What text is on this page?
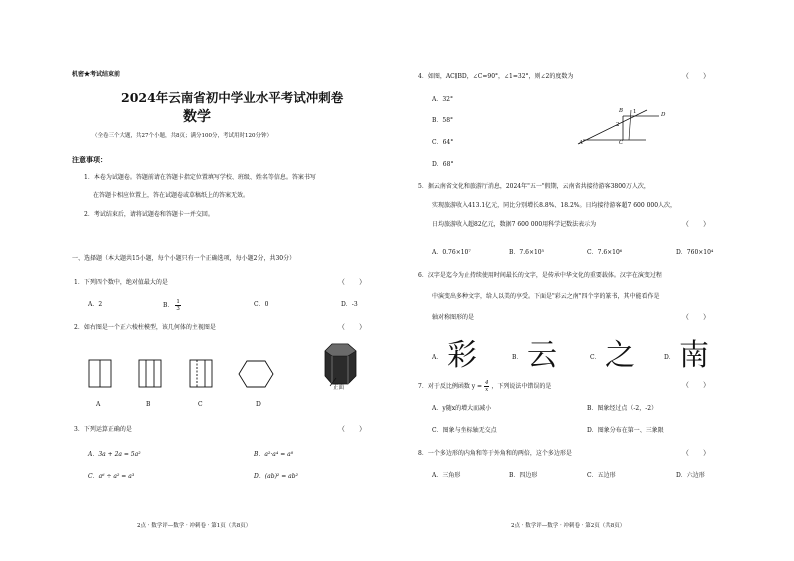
机密★考试结束前
2024年云南省初中学业水平考试冲刺卷
数学
（全卷三个大题，共27个小题，共8页；满分100分，考试用时120分钟）
注意事项：
1．本卷为试题卷。答题前请在答题卡指定位置填写学校、班级、姓名等信息。答案书写
在答题卡相应位置上，答在试题卷或草稿纸上的答案无效。
2．考试结束后，请将试题卷和答题卡一并交回。
一、选择题（本大题共15小题，每个小题只有一个正确选项，每小题2分，共30分）
1．下列四个数中，绝对值最大的是	（　　）
A．2	B． $\frac{1}{3}$	C．0	D．-3
2．如右图是一个正六棱柱模型，该几何体的主视图是	（　　）
A	B	C	D
正面
3．下列运算正确的是	（　　）
A．3a + 2a = 5a²	B．a²·a⁴ = a⁸
C．a⁶ ÷ a² = a³	D．(ab)² = ab²
2点 · 数学评—数学 · 冲刺卷 · 第1页（共8页）
4．如图，AC∥BD，∠C=90°，∠1=32°，则∠2的度数为	（　　）
A．32°
B．58°
C．64°
D．68°
A
B
C
D
1
2
5．据云南省文化和旅游厅消息，2024年"五一"假期，云南省共接待游客3800万人次，
实现旅游收入413.1亿元，同比分别增长8.8%、18.2%。日均接待游客超7 600 000人次，
日均旅游收入超82亿元，数据7 600 000用科学记数法表示为	（　　）
A．0.76×10⁷	B．7.6×10⁵	C．7.6×10⁶	D．760×10⁴
6．汉字是迄今为止持续使用时间最长的文字，是传承中华文化的重要载体。汉字在演变过程
中演变出多种文字，给人以美的享受。下面是"彩云之南"四个字的篆书，其中能看作是
轴对称图形的是	（　　）
A． 彩	B． 云	C． 之	D． 南
7．对于反比例函数 $y = \frac{4}{x}$ ，下列说法中错误的是	（　　）
A．y随x的增大而减小	B．图象经过点（-2，-2）
C．图象与坐标轴无交点	D．图象分布在第一、三象限
8．一个多边形的内角和等于外角和的两倍，这个多边形是	（　　）
A．三角形	B．四边形	C．五边形	D．六边形
2点 · 数学评—数学 · 冲刺卷 · 第2页（共8页）
